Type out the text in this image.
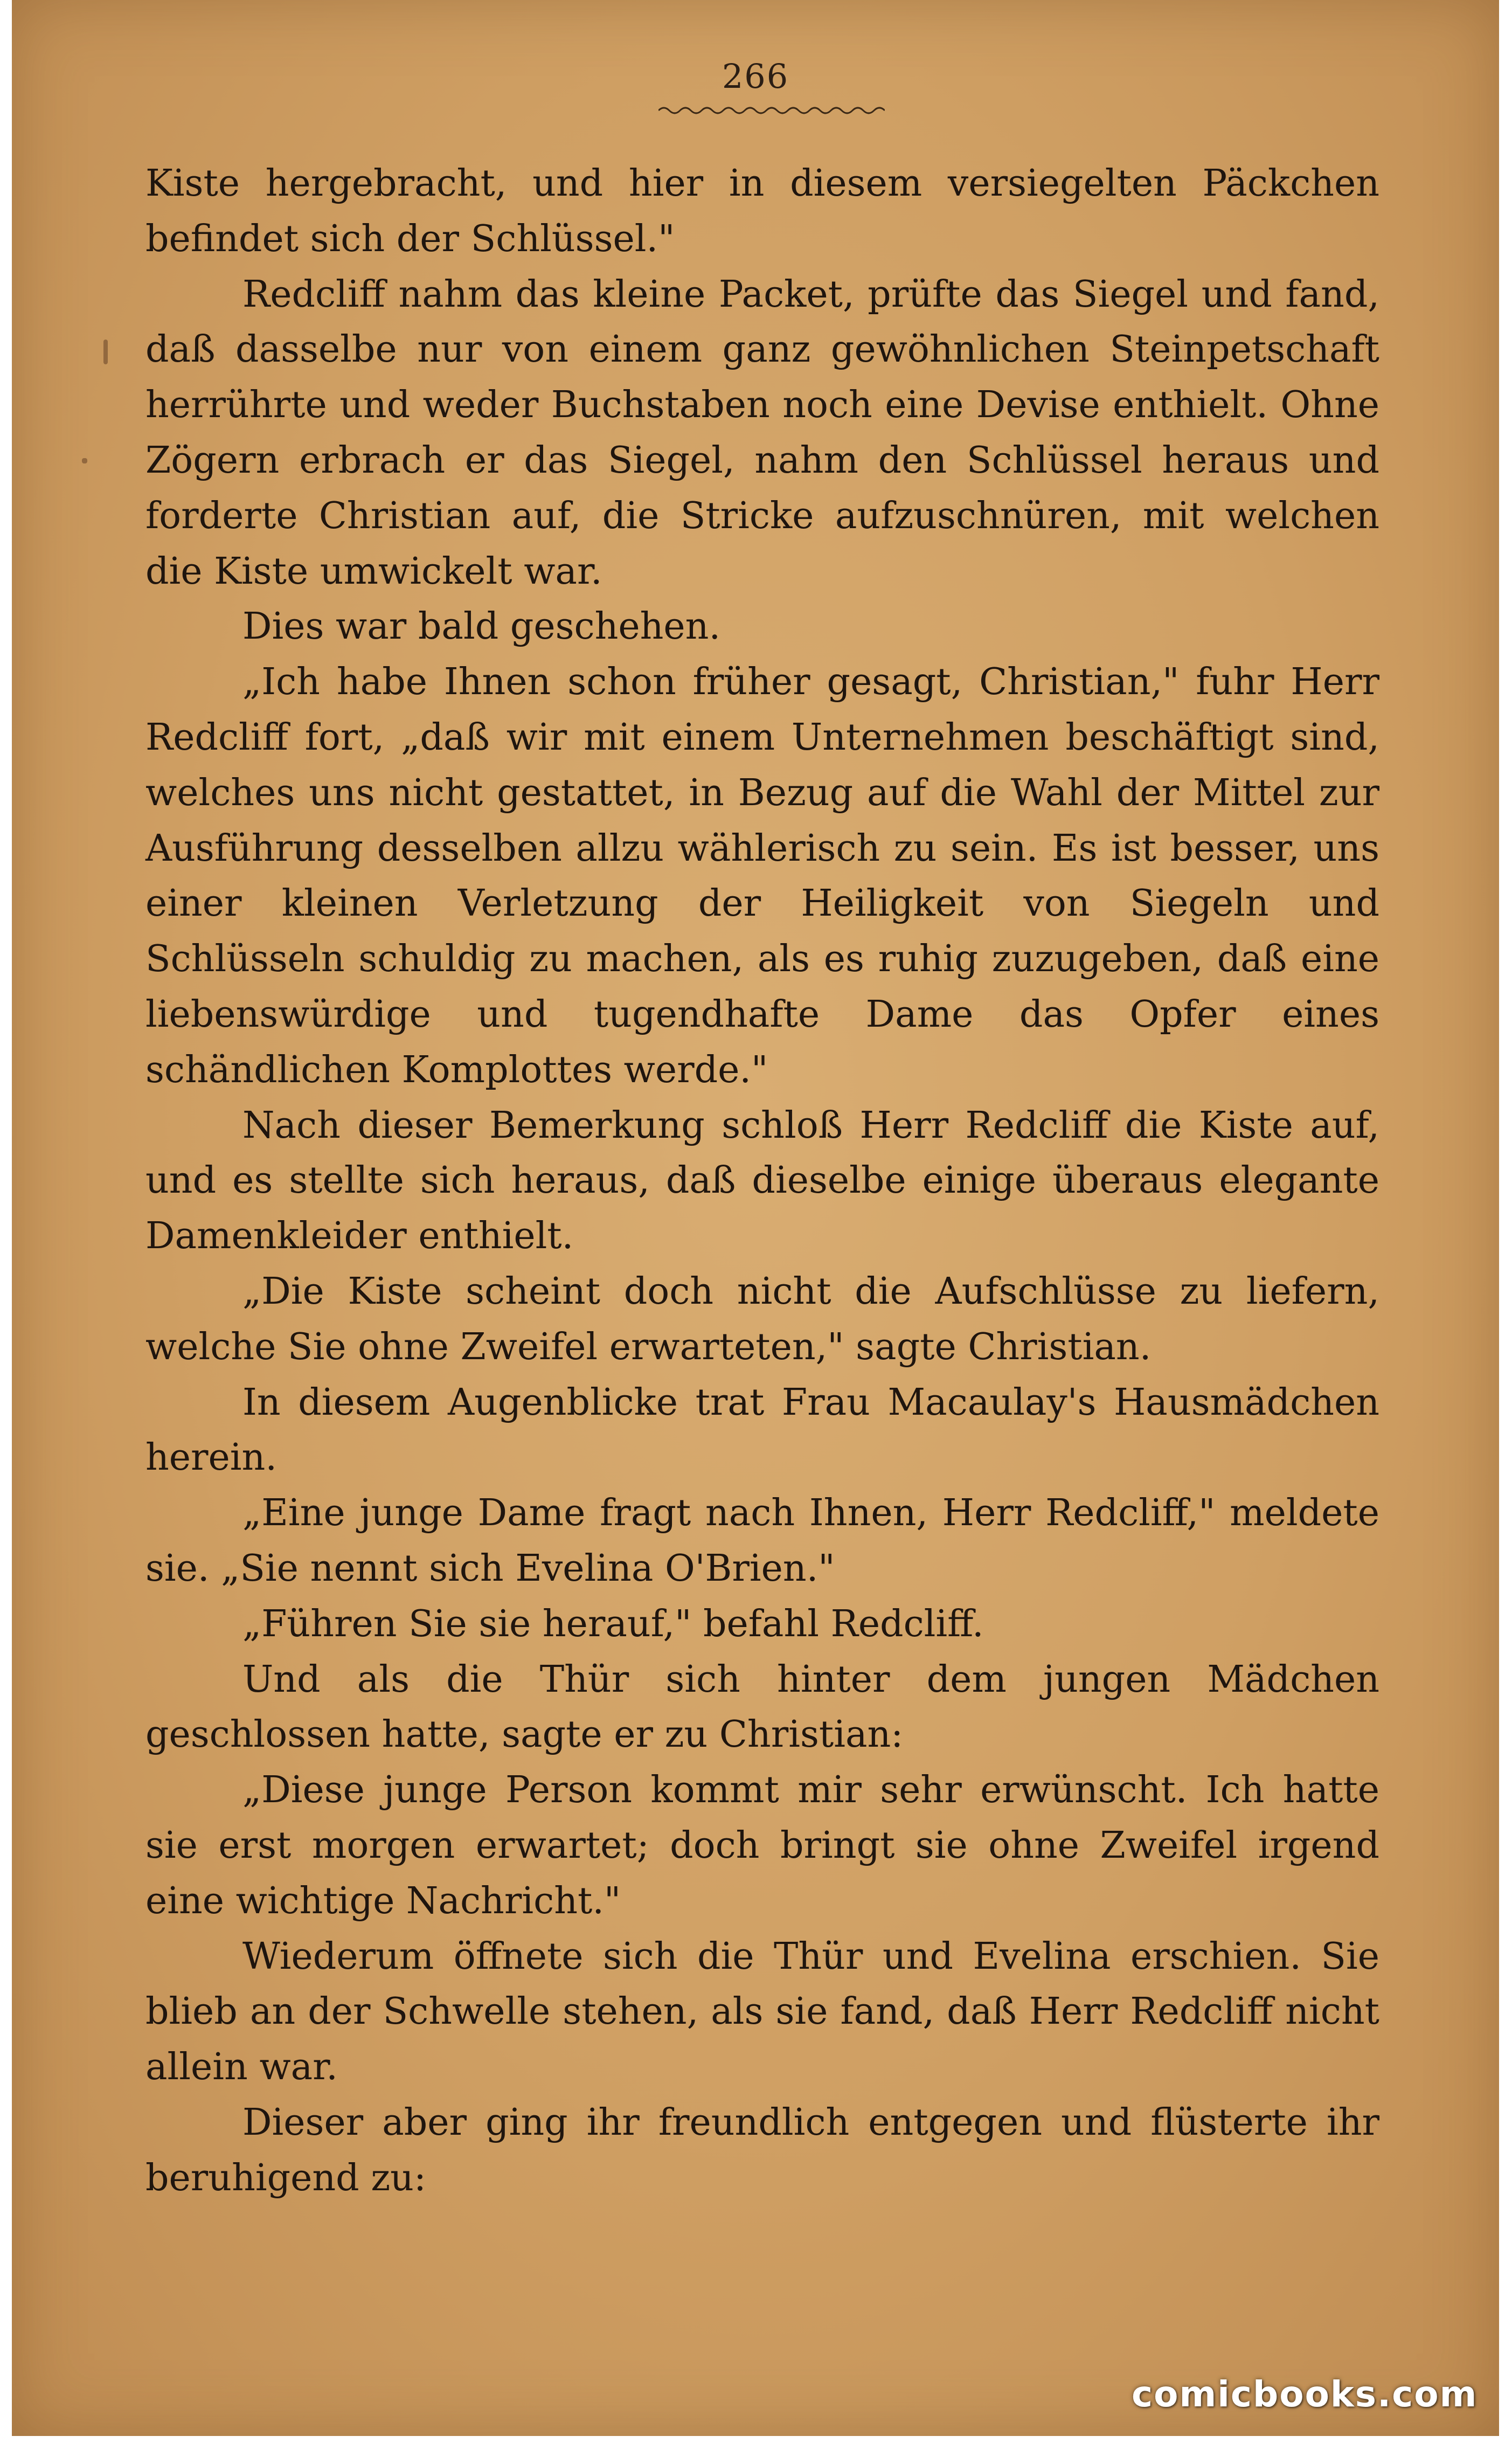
266

Kiste hergebracht, und hier in diesem versiegelten Päckchen befindet sich der Schlüssel."

Redcliff nahm das kleine Packet, prüfte das Siegel und fand, daß dasselbe nur von einem ganz gewöhnlichen Steinpetschaft herrührte und weder Buchstaben noch eine Devise enthielt. Ohne Zögern erbrach er das Siegel, nahm den Schlüssel heraus und forderte Christian auf, die Stricke aufzuschnüren, mit welchen die Kiste umwickelt war.

Dies war bald geschehen.

„Ich habe Ihnen schon früher gesagt, Christian," fuhr Herr Redcliff fort, „daß wir mit einem Unternehmen beschäftigt sind, welches uns nicht gestattet, in Bezug auf die Wahl der Mittel zur Ausführung desselben allzu wählerisch zu sein. Es ist besser, uns einer kleinen Verletzung der Heiligkeit von Siegeln und Schlüsseln schuldig zu machen, als es ruhig zuzugeben, daß eine liebenswürdige und tugendhafte Dame das Opfer eines schändlichen Komplottes werde."

Nach dieser Bemerkung schloß Herr Redcliff die Kiste auf, und es stellte sich heraus, daß dieselbe einige überaus elegante Damenkleider enthielt.

„Die Kiste scheint doch nicht die Aufschlüsse zu liefern, welche Sie ohne Zweifel erwarteten," sagte Christian.

In diesem Augenblicke trat Frau Macaulay's Hausmädchen herein.

„Eine junge Dame fragt nach Ihnen, Herr Redcliff," meldete sie. „Sie nennt sich Evelina O'Brien."

„Führen Sie sie herauf," befahl Redcliff.

Und als die Thür sich hinter dem jungen Mädchen geschlossen hatte, sagte er zu Christian:

„Diese junge Person kommt mir sehr erwünscht. Ich hatte sie erst morgen erwartet; doch bringt sie ohne Zweifel irgend eine wichtige Nachricht."

Wiederum öffnete sich die Thür und Evelina erschien. Sie blieb an der Schwelle stehen, als sie fand, daß Herr Redcliff nicht allein war.

Dieser aber ging ihr freundlich entgegen und flüsterte ihr beruhigend zu:

comicbooks.com
